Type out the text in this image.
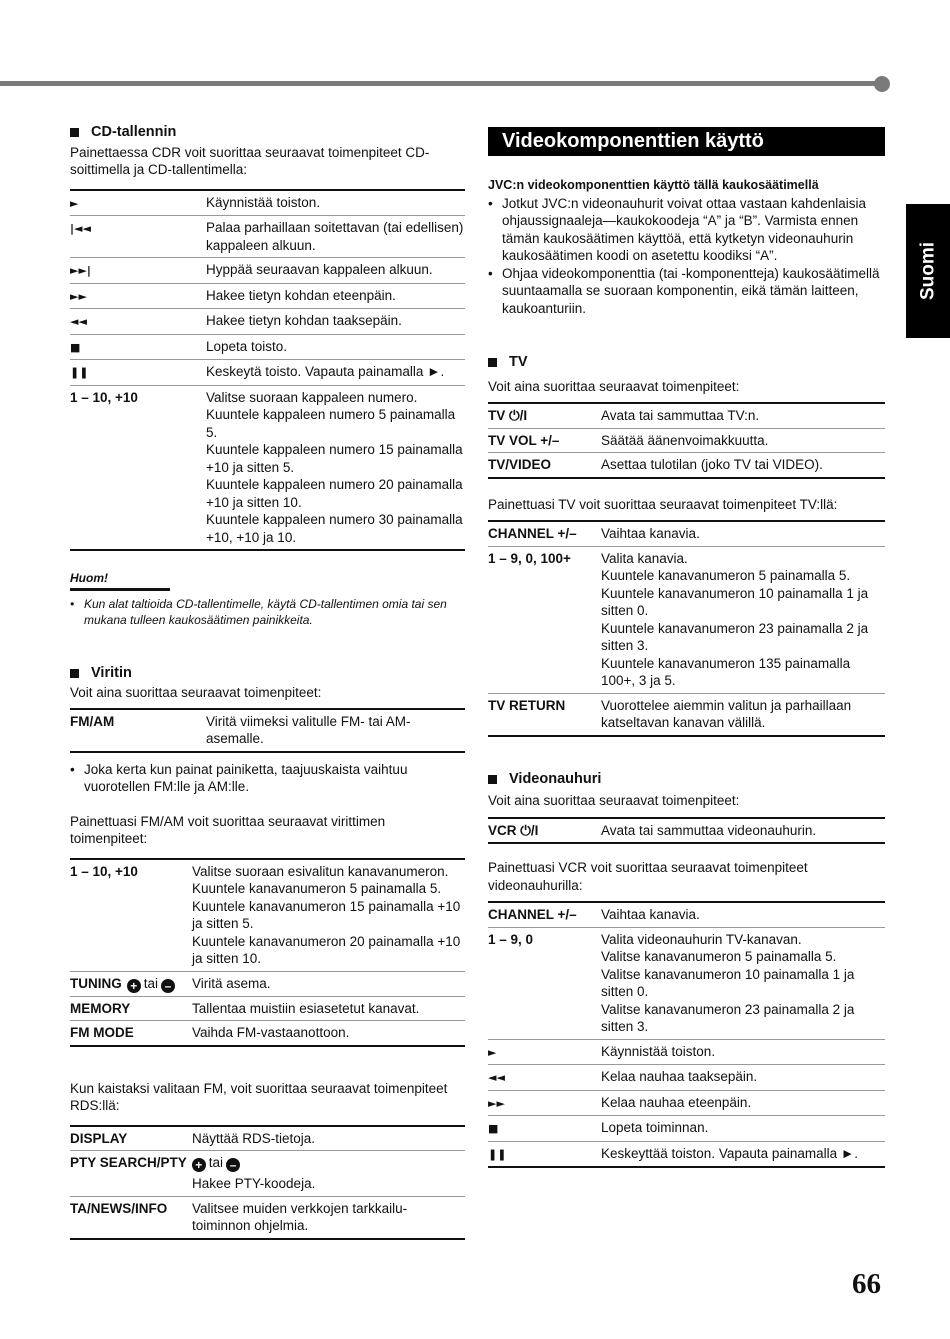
Suomi
66
CD-tallennin
Painettaessa CDR voit suorittaa seuraavat toimenpiteet CD-soittimella ja CD-tallentimella:
►	Käynnistää toiston.
|◄◄	Palaa parhaillaan soitettavan (tai edellisen) kappaleen alkuun.
►►|	Hyppää seuraavan kappaleen alkuun.
►►	Hakee tietyn kohdan eteenpäin.
◄◄	Hakee tietyn kohdan taaksepäin.
■	Lopeta toisto.
❚❚	Keskeytä toisto. Vapauta painamalla ►.
1 – 10, +10	Valitse suoraan kappaleen numero.
Kuuntele kappaleen numero 5 painamalla 5.
Kuuntele kappaleen numero 15 painamalla +10 ja sitten 5.
Kuuntele kappaleen numero 20 painamalla +10 ja sitten 10.
Kuuntele kappaleen numero 30 painamalla +10, +10 ja 10.
Huom!
• Kun alat taltioida CD-tallentimelle, käytä CD-tallentimen omia tai sen mukana tulleen kaukosäätimen painikkeita.
Viritin
Voit aina suorittaa seuraavat toimenpiteet:
FM/AM	Viritä viimeksi valitulle FM- tai AM-asemalle.
• Joka kerta kun painat painiketta, taajuuskaista vaihtuu vuorotellen FM:lle ja AM:lle.
Painettuasi FM/AM voit suorittaa seuraavat virittimen toimenpiteet:
1 – 10, +10	Valitse suoraan esivalitun kanavanumeron.
Kuuntele kanavanumeron 5 painamalla 5.
Kuuntele kanavanumeron 15 painamalla +10 ja sitten 5.
Kuuntele kanavanumeron 20 painamalla +10 ja sitten 10.
TUNING + tai –	Viritä asema.
MEMORY	Tallentaa muistiin esiasetetut kanavat.
FM MODE	Vaihda FM-vastaanottoon.
Kun kaistaksi valitaan FM, voit suorittaa seuraavat toimenpiteet RDS:llä:
DISPLAY	Näyttää RDS-tietoja.
PTY SEARCH/PTY + tai –		
	Hakee PTY-koodeja.
TA/NEWS/INFO	Valitsee muiden verkkojen tarkkailu-toiminnon ohjelmia.
Videokomponenttien käyttö
JVC:n videokomponenttien käyttö tällä kaukosäätimellä
• Jotkut JVC:n videonauhurit voivat ottaa vastaan kahdenlaisia ohjaussignaaleja—kaukokoodeja “A” ja “B”. Varmista ennen tämän kaukosäätimen käyttöä, että kytketyn videonauhurin kaukosäätimen koodi on asetettu koodiksi “A”.
• Ohjaa videokomponenttia (tai -komponentteja) kaukosäätimellä suuntaamalla se suoraan komponentin, eikä tämän laitteen, kaukoanturiin.
TV
Voit aina suorittaa seuraavat toimenpiteet:
TV ⏻/I	Avata tai sammuttaa TV:n.
TV VOL +/–	Säätää äänenvoimakkuutta.
TV/VIDEO	Asettaa tulotilan (joko TV tai VIDEO).
Painettuasi TV voit suorittaa seuraavat toimenpiteet TV:llä:
CHANNEL +/–	Vaihtaa kanavia.
1 – 9, 0, 100+	Valita kanavia.
Kuuntele kanavanumeron 5 painamalla 5.
Kuuntele kanavanumeron 10 painamalla 1 ja sitten 0.
Kuuntele kanavanumeron 23 painamalla 2 ja sitten 3.
Kuuntele kanavanumeron 135 painamalla 100+, 3 ja 5.
TV RETURN	Vuorottelee aiemmin valitun ja parhaillaan katseltavan kanavan välillä.
Videonauhuri
Voit aina suorittaa seuraavat toimenpiteet:
VCR ⏻/I	Avata tai sammuttaa videonauhurin.
Painettuasi VCR voit suorittaa seuraavat toimenpiteet videonauhurilla:
CHANNEL +/–	Vaihtaa kanavia.
1 – 9, 0	Valita videonauhurin TV-kanavan.
Valitse kanavanumeron 5 painamalla 5.
Valitse kanavanumeron 10 painamalla 1 ja sitten 0.
Valitse kanavanumeron 23 painamalla 2 ja sitten 3.
►	Käynnistää toiston.
◄◄	Kelaa nauhaa taaksepäin.
►►	Kelaa nauhaa eteenpäin.
■	Lopeta toiminnan.
❚❚	Keskeyttää toiston. Vapauta painamalla ►.
